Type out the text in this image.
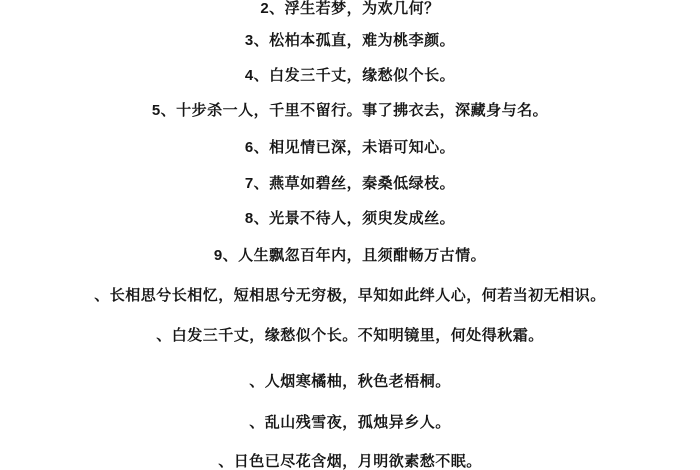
2、浮生若梦，为欢几何？
3、松柏本孤直，难为桃李颜。
4、白发三千丈，缘愁似个长。
5、十步杀一人，千里不留行。事了拂衣去，深藏身与名。
6、相见情已深，未语可知心。
7、燕草如碧丝，秦桑低绿枝。
8、光景不待人，须臾发成丝。
9、人生飘忽百年内，且须酣畅万古情。
、长相思兮长相忆，短相思兮无穷极，早知如此绊人心，何若当初无相识。
、白发三千丈，缘愁似个长。不知明镜里，何处得秋霜。
、人烟寒橘柚，秋色老梧桐。
、乱山残雪夜，孤烛异乡人。
、日色已尽花含烟，月明欲素愁不眠。
